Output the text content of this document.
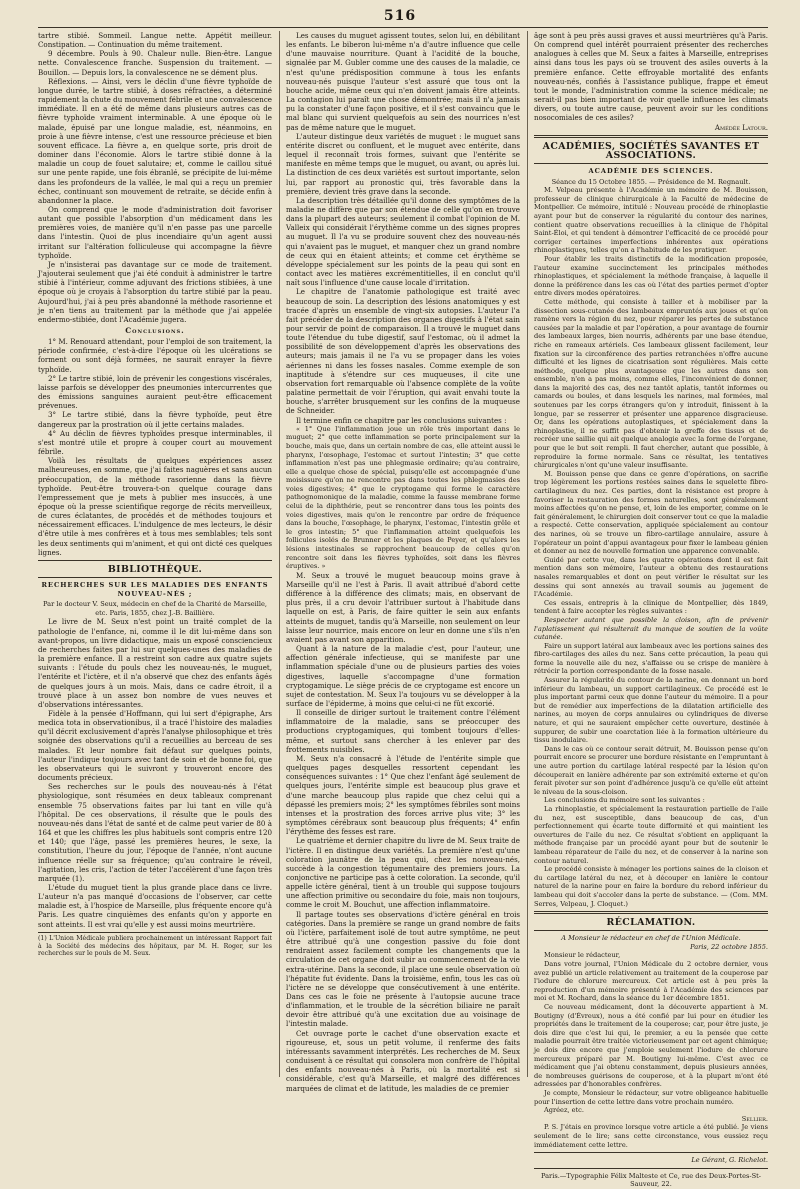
516

tartre stibié. Sommeil. Langue nette. Appétit meilleur. Constipation. — Continuation du même traitement.

9 décembre. Pouls à 90. Chaleur nulle. Bien-être. Langue nette. Convalescence franche. Suspension du traitement. — Bouillon. — Depuis lors, la convalescence ne se dément plus.

Réflexions. — Ainsi, vers le déclin d'une fièvre typhoïde de longue durée, le tartre stibié, à doses réfractées, a déterminé rapidement la chute du mouvement fébrile et une convalescence immédiate. Il en a été de même dans plusieurs autres cas de fièvre typhoïde vraiment interminable. A une époque où le malade, épuisé par une longue maladie, est, néanmoins, en proie à une fièvre intense, c'est une ressource précieuse et bien souvent efficace. La fièvre a, en quelque sorte, pris droit de dominer dans l'économie. Alors le tartre stibié donne à la maladie un coup de fouet salutaire; et, comme le caillou situé sur une pente rapide, une fois ébranlé, se précipite de lui-même dans les profondeurs de la vallée, le mal qui a reçu un premier échec, continuant son mouvement de retraite, se décide enfin à abandonner la place.

On comprend que le mode d'administration doit favoriser autant que possible l'absorption d'un médicament dans les premières voies, de manière qu'il n'en passe pas une parcelle dans l'intestin. Quoi de plus incendiaire qu'un agent aussi irritant sur l'altération folliculeuse qui accompagne la fièvre typhoïde.

Je n'insisterai pas davantage sur ce mode de traitement. J'ajouterai seulement que j'ai été conduit à administrer le tartre stibié à l'intérieur, comme adjuvant des frictions stibiées, à une époque où je croyais à l'absorption du tartre stibié par la peau. Aujourd'hui, j'ai à peu près abandonné la méthode rasorienne et je n'en tiens au traitement par la méthode que j'ai appelée endermo-stibiée, dont l'Académie jugera.

Conclusions.

1° M. Renouard attendant, pour l'emploi de son traitement, la période confirmée, c'est-à-dire l'époque où les ulcérations se forment ou sont déjà formées, ne saurait enrayer la fièvre typhoïde.

2° Le tartre stibié, loin de prévenir les congestions viscérales, laisse parfois se développer des pneumonies intercurrentes que des émissions sanguines auraient peut-être efficacement prévenues.

3° Le tartre stibié, dans la fièvre typhoïde, peut être dangereux par la prostration où il jette certains malades.

4° Au déclin de fièvres typhoïdes presque interminables, il s'est montré utile et propre à couper court au mouvement fébrile.

Voilà les résultats de quelques expériences assez malheureuses, en somme, que j'ai faites naguères et sans aucun préoccupation, de la méthode rasorienne dans la fièvre typhoïde. Peut-être trouvera-t-on quelque courage dans l'empressement que je mets à publier mes insuccès, à une époque où la presse scientifique regorge de récits merveilleux, de cures éclatantes, de procédés et de méthodes toujours et nécessairement efficaces. L'indulgence de mes lecteurs, le désir d'être utile à mes confrères et à tous mes semblables; tels sont les deux sentiments qui m'animent, et qui ont dicté ces quelques lignes.

BIBLIOTHÈQUE.
RECHERCHES SUR LES MALADIES DES ENFANTS NOUVEAU-NÉS ;

Par le docteur V. Seux, médecin en chef de la Charité de Marseille, etc. Paris, 1855, chez J.-B. Baillière.

Le livre de M. Seux n'est point un traité complet de la pathologie de l'enfance, ni, comme il le dit lui-même dans son avant-propos, un livre didactique, mais un exposé consciencieux de recherches faites par lui sur quelques-unes des maladies de la première enfance. Il a restreint son cadre aux quatre sujets suivants : l'étude du pouls chez les nouveau-nés, le muguet, l'entérite et l'ictère, et il n'a observé que chez des enfants âgés de quelques jours à un mois. Mais, dans ce cadre étroit, il a trouvé place à un assez bon nombre de vues neuves et d'observations intéressantes.

Fidèle à la pensée d'Hoffmann, qui lui sert d'épigraphe, Ars medica tota in observationibus, il a tracé l'histoire des maladies qu'il décrit exclusivement d'après l'analyse philosophique et très soignée des observations qu'il a recueillies au berceau de ses malades. Et leur nombre fait défaut sur quelques points, l'auteur l'indique toujours avec tant de soin et de bonne foi, que les observateurs qui le suivront y trouveront encore des documents précieux.

Ses recherches sur le pouls des nouveau-nés à l'état physiologique, sont résumées en deux tableaux comprenant ensemble 75 observations faites par lui tant en ville qu'à l'hôpital. De ces observations, il résulte que le pouls des nouveau-nés dans l'état de santé et de calme peut varier de 80 à 164 et que les chiffres les plus habituels sont compris entre 120 et 140; que l'âge, passé les premières heures, le sexe, la constitution, l'heure du jour, l'époque de l'année, n'ont aucune influence réelle sur sa fréquence; qu'au contraire le réveil, l'agitation, les cris, l'action de téter l'accélèrent d'une façon très marquée (1).

L'étude du muguet tient la plus grande place dans ce livre. L'auteur n'a pas manqué d'occasions de l'observer, car cette maladie est, à l'hospice de Marseille, plus fréquente encore qu'à Paris. Les quatre cinquièmes des enfants qu'on y apporte en sont atteints. Il est vrai qu'elle y est aussi moins meurtrière.

(1) L'Union Médicale publiera prochainement un intéressant Rapport fait à la Société des médecins des hôpitaux, par M. H. Roger, sur les recherches sur le pouls de M. Seux.

Les causes du muguet agissent toutes, selon lui, en débilitant les enfants. Le biberon lui-même n'a d'autre influence que celle d'une mauvaise nourriture. Quant à l'acidité de la bouche, signalée par M. Gubler comme une des causes de la maladie, ce n'est qu'une prédisposition commune à tous les enfants nouveau-nés puisque l'auteur s'est assuré que tous ont la bouche acide, même ceux qui n'en doivent jamais être atteints. La contagion lui paraît une chose démontrée; mais il n'a jamais pu la constater d'une façon positive, et il s'est convaincu que le mal blanc qui survient quelquefois au sein des nourrices n'est pas de même nature que le muguet.

L'auteur distingue deux variétés de muguet : le muguet sans entérite discret ou confluent, et le muguet avec entérite, dans lequel il reconnaît trois formes, suivant que l'entérite se manifeste en même temps que le muguet, ou avant, ou après lui. La distinction de ces deux variétés est surtout importante, selon lui, par rapport au pronostic qui, très favorable dans la première, devient très grave dans la seconde.

La description très détaillée qu'il donne des symptômes de la maladie ne diffère que par son étendue de celle qu'on en trouve dans la plupart des auteurs; seulement il combat l'opinion de M. Valleix qui considérait l'érythème comme un des signes propres au muguet. Il l'a vu se produire souvent chez des nouveau-nés qui n'avaient pas le muguet, et manquer chez un grand nombre de ceux qui en étaient atteints; et comme cet érythème se développe spécialement sur les points de la peau qui sont en contact avec les matières excrémentitielles, il en conclut qu'il naît sous l'influence d'une cause locale d'irritation.

Le chapitre de l'anatomie pathologique est traité avec beaucoup de soin. La description des lésions anatomiques y est tracée d'après un ensemble de vingt-six autopsies. L'auteur l'a fait précéder de la description des organes digestifs à l'état sain pour servir de point de comparaison. Il a trouvé le muguet dans toute l'étendue du tube digestif, sauf l'estomac, où il admet la possibilité de son développement d'après les observations des auteurs; mais jamais il ne l'a vu se propager dans les voies aériennes ni dans les fosses nasales. Comme exemple de son inaptitude à s'étendre sur ces muqueuses, il cite une observation fort remarquable où l'absence complète de la voûte palatine permettait de voir l'éruption, qui avait envahi toute la bouche, s'arrêter brusquement sur les confins de la muqueuse de Schneider.

Il termine enfin ce chapitre par les conclusions suivantes :

« 1° Que l'inflammation joue un rôle très important dans le muguet; 2° que cette inflammation se porte principalement sur la bouche, mais que, dans un certain nombre de cas, elle atteint aussi le pharynx, l'œsophage, l'estomac et surtout l'intestin; 3° que cette inflammation n'est pas une phlegmasie ordinaire; qu'au contraire, elle a quelque chose de spécial, puisqu'elle est accompagnée d'une moisissure qu'on ne rencontre pas dans toutes les phlegmasies des voies digestives; 4° que le cryptogame qui forme le caractère pathognomonique de la maladie, comme la fausse membrane forme celui de la diphthérie, peut se rencontrer dans tous les points des voies digestives, mais qu'on le rencontre par ordre de fréquence dans la bouche, l'œsophage, le pharynx, l'estomac, l'intestin grêle et le gros intestin; 5° que l'inflammation atteint quelquefois les follicules isolés de Brunner et les plaques de Peyer, et qu'alors les lésions intestinales se rapprochent beaucoup de celles qu'on rencontre soit dans les fièvres typhoïdes, soit dans les fièvres éruptives. »

M. Seux a trouvé le muguet beaucoup moins grave à Marseille qu'il ne l'est à Paris. Il avait attribué d'abord cette différence à la différence des climats; mais, en observant de plus près, il a cru devoir l'attribuer surtout à l'habitude dans laquelle on est, à Paris, de faire quitter le sein aux enfants atteints de muguet, tandis qu'à Marseille, non seulement on leur laisse leur nourrice, mais encore on leur en donne une s'ils n'en avaient pas avant son apparition.

Quant à la nature de la maladie c'est, pour l'auteur, une affection générale infectieuse, qui se manifeste par une inflammation spéciale d'une ou de plusieurs parties des voies digestives, laquelle s'accompagne d'une formation cryptogamique. Le siège précis de ce cryptogame est encore un sujet de contestation. M. Seux l'a toujours vu se développer à la surface de l'épiderme, à moins que celui-ci ne fût excorié.

Il conseille de diriger surtout le traitement contre l'élément inflammatoire de la maladie, sans se préoccuper des productions cryptogamiques, qui tombent toujours d'elles-même, et surtout sans chercher à les enlever par des frottements nuisibles.

M. Seux n'a consacré à l'étude de l'entérite simple que quelques pages desquelles ressortent cependant les conséquences suivantes : 1° Que chez l'enfant âgé seulement de quelques jours, l'entérite simple est beaucoup plus grave et d'une marche beaucoup plus rapide que chez celui qui a dépassé les premiers mois; 2° les symptômes fébriles sont moins intenses et la prostration des forces arrive plus vite; 3° les symptômes cérébraux sont beaucoup plus fréquents; 4° enfin l'érythème des fesses est rare.

Le quatrième et dernier chapitre du livre de M. Seux traite de l'ictère. Il en distingue deux variétés. La première n'est qu'une coloration jaunâtre de la peau qui, chez les nouveau-nés, succède à la congestion tégumentaire des premiers jours. La conjonctive ne participe pas à cette coloration. La seconde, qu'il appelle ictère général, tient à un trouble qui suppose toujours une affection primitive ou secondaire du foie, mais non toujours, comme le croit M. Bouchut, une affection inflammatoire.

Il partage toutes ses observations d'ictère général en trois catégories. Dans la première se range un grand nombre de faits où l'ictère, parfaitement isolé de tout autre symptôme, ne peut être attribué qu'à une congestion passive du foie dont rendraient assez facilement compte les changements que la circulation de cet organe doit subir au commencement de la vie extra-utérine. Dans la seconde, il place une seule observation où l'hépatite fut évidente. Dans la troisième, enfin, tous les cas où l'ictère ne se développe que consécutivement à une entérite. Dans ces cas le foie ne présente à l'autopsie aucune trace d'inflammation, et le trouble de la sécrétion biliaire ne paraît devoir être attribué qu'à une excitation due au voisinage de l'intestin malade.

Cet ouvrage porte le cachet d'une observation exacte et rigoureuse, et, sous un petit volume, il renferme des faits intéressants savamment interprétés. Les recherches de M. Seux conduisent à ce résultat qui consolera mon confrère de l'hôpital des enfants nouveau-nés à Paris, où la mortalité est si considérable, c'est qu'à Marseille, et malgré des différences marquées de climat et de latitude, les maladies de ce premier

âge sont à peu près aussi graves et aussi meurtrières qu'à Paris. On comprend quel intérêt pourraient présenter des recherches analogues à celles que M. Seux a faites à Marseille, entreprises ainsi dans tous les pays où se trouvent des asiles ouverts à la première enfance. Cette effroyable mortalité des enfants nouveau-nés, confiés à l'assistance publique, frappe et émeut tout le monde, l'administration comme la science médicale; ne serait-il pas bien important de voir quelle influence les climats divers, ou toute autre cause, peuvent avoir sur les conditions nosocomiales de ces asiles?

Amédée Latour.
ACADÉMIES, SOCIÉTÉS SAVANTES ET ASSOCIATIONS.
ACADÉMIE DES SCIENCES.
Séance du 15 Octobre 1855. — Présidence de M. Regnault.

M. Velpeau présente à l'Académie un mémoire de M. Bouisson, professeur de clinique chirurgicale à la Faculté de médecine de Montpellier. Ce mémoire, intitulé : Nouveau procédé de rhinoplastie ayant pour but de conserver la régularité du contour des narines, contient quatre observations recueillies à la clinique de l'hôpital Saint-Éloi, et qui tendent à démontrer l'efficacité de ce procédé pour corriger certaines imperfections inhérentes aux opérations rhinoplastiques, telles qu'on a l'habitude de les pratiquer.

Pour établir les traits distinctifs de la modification proposée, l'auteur examine succinctement les principales méthodes rhinoplastiques, et spécialement la méthode française, à laquelle il donne la préférence dans les cas où l'état des parties permet d'opter entre divers modes opératoires.

Cette méthode, qui consiste à tailler et à mobiliser par la dissection sous-cutanée des lambeaux empruntés aux joues et qu'on ramène vers la région du nez, pour réparer les pertes de substance causées par la maladie et par l'opération, a pour avantage de fournir des lambeaux larges, bien nourris, adhérents par une base étendue, riche en rameaux artériels. Ces lambeaux glissent facilement, leur fixation sur la circonférence des parties retranchées n'offre aucune difficulté et les lignes de cicatrisation sont régulières. Mais cette méthode, quelque plus avantageuse que les autres dans son ensemble, n'en a pas moins, comme elles, l'inconvénient de donner, dans la majorité des cas, des nez tantôt aplatis, tantôt informes ou camards ou boules, et dans lesquels les narines, mal formées, mal soutenues par les corps étrangers qu'on y introduit, finissent à la longue, par se resserrer et présenter une apparence disgracieuse. Or, dans les opérations autoplastiques, et spécialement dans la rhinoplastie, il ne suffit pas d'obtenir la greffe des tissus et de recréer une saillie qui ait quelque analogie avec la forme de l'organe, pour que le but soit rempli. Il faut chercher, autant que possible, à reproduire la forme normale. Sans ce résultat, les tentatives chirurgicales n'ont qu'une valeur insuffisante.

M. Bouisson pense que dans ce genre d'opérations, on sacrifie trop légèrement les portions restées saines dans le squelette fibro-cartilagineux du nez. Ces parties, dont la résistance est propre à favoriser la restauration des formes naturelles, sont généralement moins affectées qu'on ne pense, et, loin de les emporter, comme on le fait généralement, le chirurgien doit conserver tout ce que la maladie a respecté. Cette conservation, appliquée spécialement au contour des narines, où se trouve un fibro-cartilage annulaire, assure à l'opérateur un point d'appui avantageux pour fixer le lambeau génien et donner au nez de nouvelle formation une apparence convenable.

Guidé par cette vue, dans les quatre opérations dont il est fait mention dans son mémoire, l'auteur a obtenu des restaurations nasales remarquables et dont on peut vérifier le résultat sur les dessins qui sont annexés au travail soumis au jugement de l'Académie.

Ces essais, entrepris à la clinique de Montpellier, dès 1849, tendent à faire accepter les règles suivantes :

Respecter autant que possible la cloison, afin de prévenir l'aplatissement qui résulterait du manque de soutien de la voûte cutanée.

Faire un support latéral aux lambeaux avec les portions saines des fibro-cartilages des ailes du nez. Sans cette précaution, la peau qui forme la nouvelle aile du nez, s'affaisse ou se crispe de manière à rétrécir la portion correspondante de la fosse nasale.

Assurer la régularité du contour de la narine, en donnant un bord inférieur du lambeau, un support cartilagineux. Ce procédé est le plus important parmi ceux que donne l'auteur du mémoire. Il a pour but de remédier aux imperfections de la dilatation artificielle des narines, au moyen de corps annulaires ou cylindriques de diverse nature, et qui ne sauraient empêcher cette ouverture, destinée à suppurer, de subir une coarctation liée à la formation ultérieure du tissu inodulaire.

Dans le cas où ce contour serait détruit, M. Bouisson pense qu'on pourrait encore se procurer une bordure résistante en l'empruntant à une autre portion du cartilage latéral respecté par la lésion qu'on découperait en lanière adhérente par son extrémité externe et qu'on ferait pivoter sur son point d'adhérence jusqu'à ce qu'elle eût atteint le niveau de la sous-cloison.

Les conclusions du mémoire sont les suivantes :

La rhinoplastie, et spécialement la restauration partielle de l'aile du nez, est susceptible, dans beaucoup de cas, d'un perfectionnement qui écarte toute difformité et qui maintient les ouvertures de l'aile du nez. Ce résultat s'obtient en appliquant la méthode française par un procédé ayant pour but de soutenir le lambeau réparateur de l'aile du nez, et de conserver à la narine son contour naturel.

Le procédé consiste à ménager les portions saines de la cloison et du cartilage latéral du nez, et à découper en lanière le contour naturel de la narine pour en faire la bordure du rebord inférieur du lambeau qui doit s'accoler dans la perte de substance. — (Com. MM. Serres, Velpeau, J. Cloquet.)

RÉCLAMATION.
A Monsieur le rédacteur en chef de l'Union Médicale.
Paris, 22 octobre 1855.

Monsieur le rédacteur,

Dans votre journal, l'Union Médicale du 2 octobre dernier, vous avez publié un article relativement au traitement de la couperose par l'iodure de chlorure mercureux. Cet article est à peu près la reproduction d'un mémoire présenté à l'Académie des sciences par moi et M. Rochard, dans la séance du 1er décembre 1851.

Ce nouveau médicament, dont la découverte appartient à M. Boutigny (d'Évreux), nous a été confié par lui pour en étudier les propriétés dans le traitement de la couperose; car, pour être juste, je dois dire que c'est lui qui, le premier, a eu la pensée que cette maladie pourrait être traitée victorieusement par cet agent chimique; je dois dire encore que j'emploie seulement l'iodure de chlorure mercureux préparé par M. Boutigny lui-même. C'est avec ce médicament que j'ai obtenu constamment, depuis plusieurs années, de nombreuses guérisons de couperose, et à la plupart m'ont été adressées par d'honorables confrères.

Je compte, Monsieur le rédacteur, sur votre obligeance habituelle pour l'insertion de cette lettre dans votre prochain numéro.

Agréez, etc.

Sellier.

P. S. J'étais en province lorsque votre article a été publié. Je viens seulement de le lire; sans cette circonstance, vous eussiez reçu immédiatement cette lettre.

Le Gérant, G. Richelot.
Paris.—Typographie Félix Malteste et Ce, rue des Deux-Portes-St-Sauveur, 22.
